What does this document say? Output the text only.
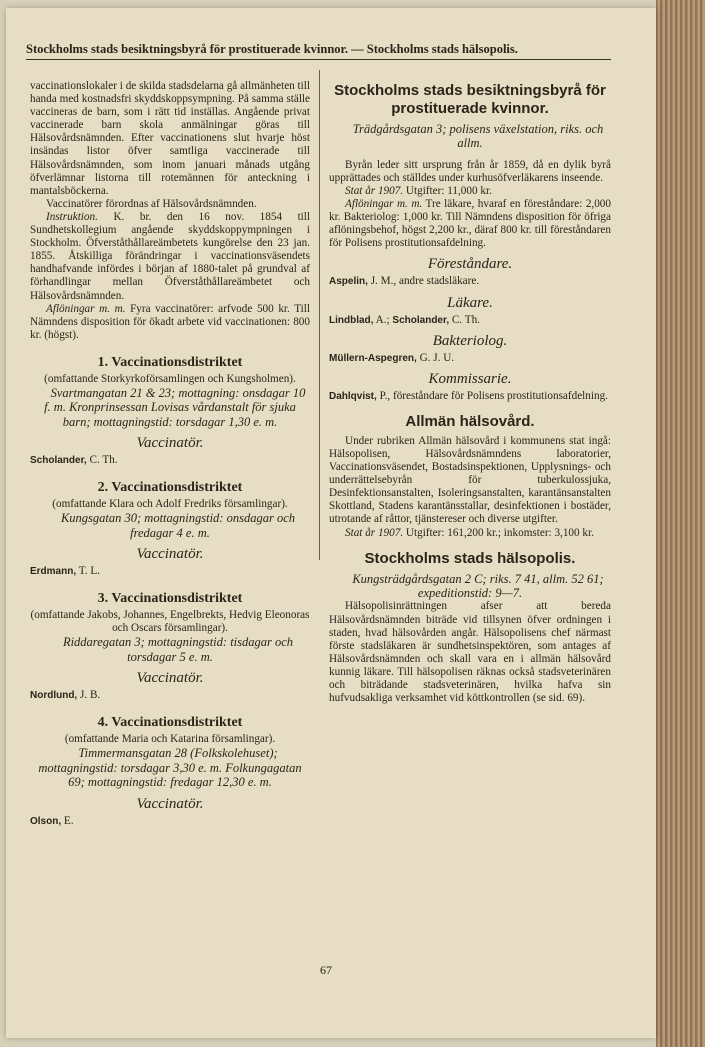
Stockholms stads besiktningsbyrå för prostituerade kvinnor. — Stockholms stads hälsopolis.

vaccinationslokaler i de skilda stadsdelarna gå allmänheten till handa med kostnadsfri skyddskoppsympning. På samma ställe vaccineras de barn, som i rätt tid inställas. Angående privat vaccinerade barn skola anmälningar göras till Hälsovårdsnämnden. Efter vaccinationens slut hvarje höst insändas listor öfver samtliga vaccinerade till Hälsovårdsnämnden, som inom januari månads utgång öfverlämnar listorna till rotemännen för anteckning i mantalsböckerna.

Vaccinatörer förordnas af Hälsovårdsnämnden.

Instruktion. K. br. den 16 nov. 1854 till Sundhetskollegium angående skyddskoppympningen i Stockholm. Öfverståthållareämbetets kungörelse den 23 jan. 1855. Åtskilliga förändringar i vaccinationsväsendets handhafvande infördes i början af 1880-talet på grundval af förhandlingar mellan Öfverståthållareämbetet och Hälsovårdsnämnden.

Aflöningar m. m. Fyra vaccinatörer: arfvode 500 kr. Till Nämndens disposition för ökadt arbete vid vaccinationen: 800 kr. (högst).

1. Vaccinationsdistriktet

(omfattande Storkyrkoförsamlingen och Kungsholmen).

Svartmangatan 21 & 23; mottagning: onsdagar 10 f. m. Kronprinsessan Lovisas vårdanstalt för sjuka barn; mottagningstid: torsdagar 1,30 e. m.

Vaccinatör.

Scholander, C. Th.

2. Vaccinationsdistriktet

(omfattande Klara och Adolf Fredriks församlingar).

Kungsgatan 30; mottagningstid: onsdagar och fredagar 4 e. m.

Vaccinatör.

Erdmann, T. L.

3. Vaccinationsdistriktet

(omfattande Jakobs, Johannes, Engelbrekts, Hedvig Eleonoras och Oscars församlingar).

Riddaregatan 3; mottagningstid: tisdagar och torsdagar 5 e. m.

Vaccinatör.

Nordlund, J. B.

4. Vaccinationsdistriktet

(omfattande Maria och Katarina församlingar).

Timmermansgatan 28 (Folkskolehuset); mottagningstid: torsdagar 3,30 e. m. Folkungagatan 69; mottagningstid: fredagar 12,30 e. m.

Vaccinatör.

Olson, E.

Stockholms stads besiktningsbyrå för prostituerade kvinnor.

Trädgårdsgatan 3; polisens växelstation, riks. och allm.

Byrån leder sitt ursprung från år 1859, då en dylik byrå upprättades och ställdes under kurhusöfverläkarens inseende.

Stat år 1907. Utgifter: 11,000 kr.

Aflöningar m. m. Tre läkare, hvaraf en föreståndare: 2,000 kr. Bakteriolog: 1,000 kr. Till Nämndens disposition för öfriga aflöningsbehof, högst 2,200 kr., däraf 800 kr. till föreståndaren för Polisens prostitutionsafdelning.

Föreståndare.

Aspelin, J. M., andre stadsläkare.

Läkare.

Lindblad, A.; Scholander, C. Th.

Bakteriolog.

Müllern-Aspegren, G. J. U.

Kommissarie.

Dahlqvist, P., föreståndare för Polisens prostitutionsafdelning.

Allmän hälsovård.

Under rubriken Allmän hälsovård i kommunens stat ingå: Hälsopolisen, Hälsovårdsnämndens laboratorier, Vaccinationsväsendet, Bostadsinspektionen, Upplysnings- och underrättelsebyrån för tuberkulossjuka, Desinfektionsanstalten, Isoleringsanstalten, karantänsanstalten Skottland, Stadens karantänsstallar, desinfektionen i bostäder, utrotande af råttor, tjänstereser och diverse utgifter.

Stat år 1907. Utgifter: 161,200 kr.; inkomster: 3,100 kr.

Stockholms stads hälsopolis.

Kungsträdgårdsgatan 2 C; riks. 7 41, allm. 52 61; expeditionstid: 9—7.

Hälsopolisinrättningen afser att bereda Hälsovårdsnämnden biträde vid tillsynen öfver ordningen i staden, hvad hälsovården angår. Hälsopolisens chef närmast förste stadsläkaren är sundhetsinspektören, som antages af Hälsovårdsnämnden och skall vara en i allmän hälsovård kunnig läkare. Till hälsopolisen räknas också stadsveterinären och biträdande stadsveterinären, hvilka hafva sin hufvudsakliga verksamhet vid köttkontrollen (se sid. 69).

67
